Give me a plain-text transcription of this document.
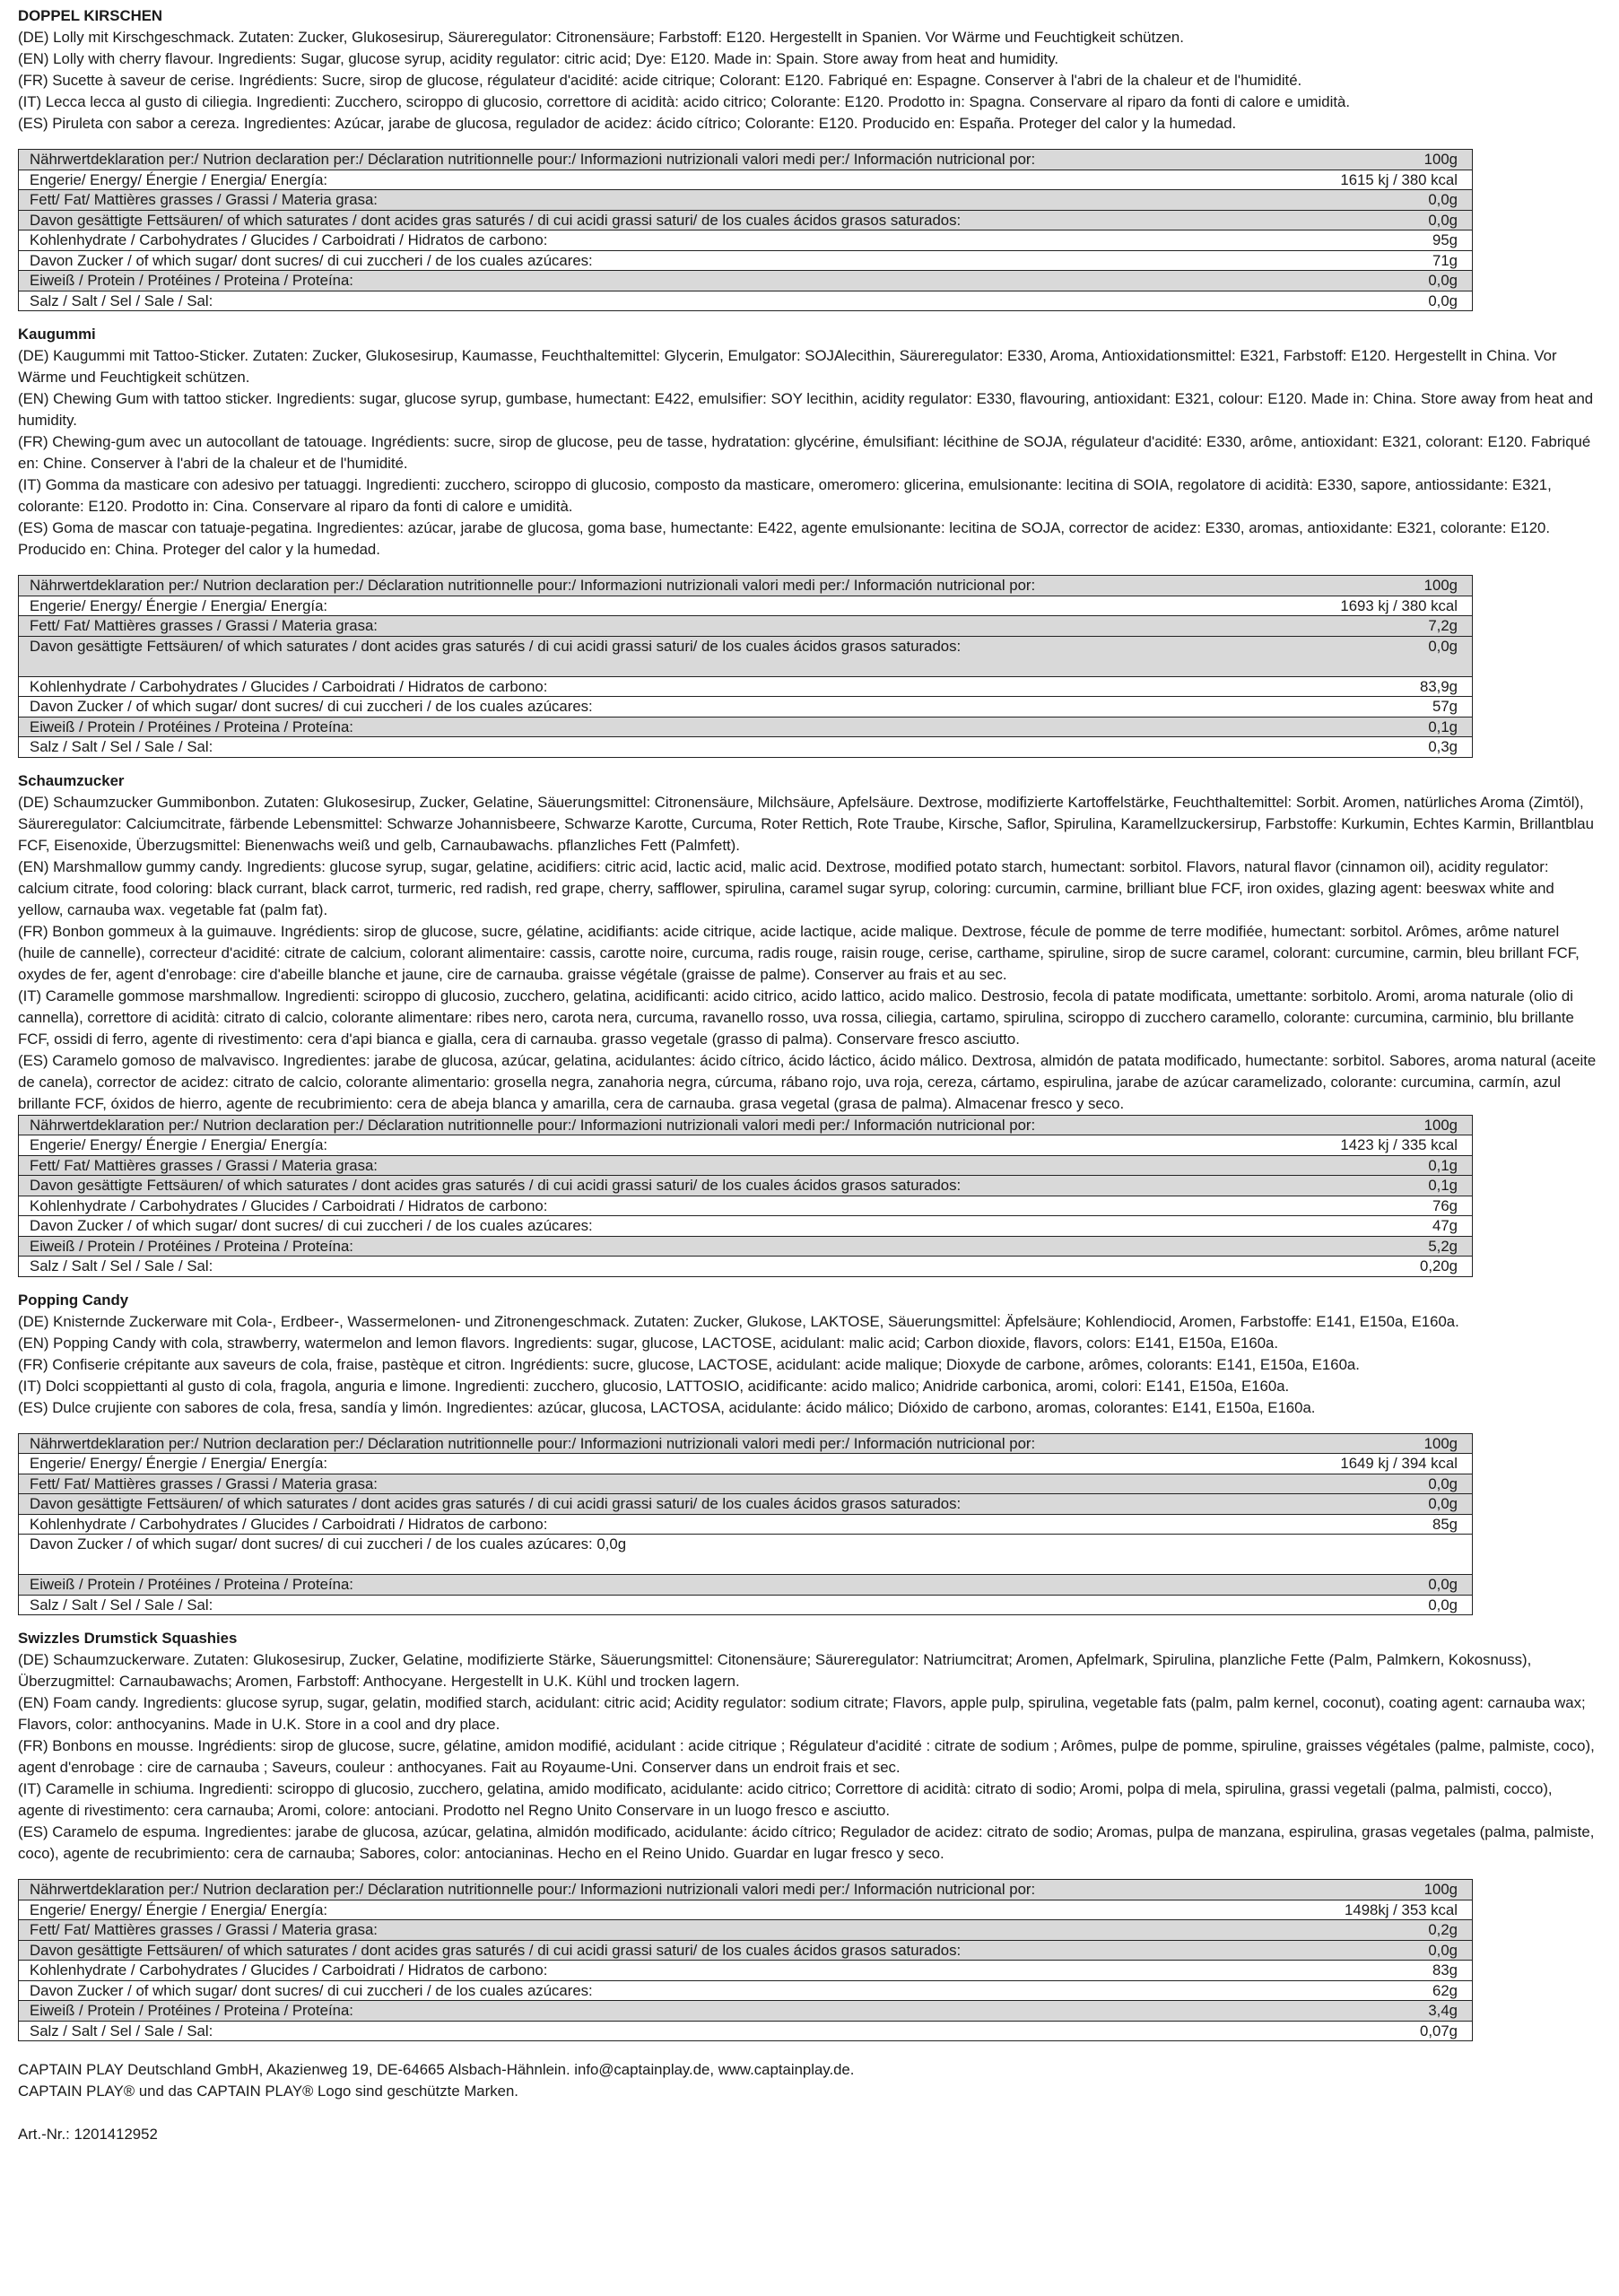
DOPPEL KIRSCHEN
(DE) Lolly mit Kirschgeschmack. Zutaten: Zucker, Glukosesirup, Säureregulator: Citronensäure; Farbstoff: E120. Hergestellt in Spanien. Vor Wärme und Feuchtigkeit schützen.
(EN) Lolly with cherry flavour. Ingredients: Sugar, glucose syrup, acidity regulator: citric acid; Dye: E120. Made in: Spain. Store away from heat and humidity.
(FR) Sucette à saveur de cerise. Ingrédients: Sucre, sirop de glucose, régulateur d'acidité: acide citrique; Colorant: E120. Fabriqué en: Espagne. Conserver à l'abri de la chaleur et de l'humidité.
(IT) Lecca lecca al gusto di ciliegia. Ingredienti: Zucchero, sciroppo di glucosio, correttore di acidità: acido citrico; Colorante: E120. Prodotto in: Spagna. Conservare al riparo da fonti di calore e umidità.
(ES) Piruleta con sabor a cereza. Ingredientes: Azúcar, jarabe de glucosa, regulador de acidez: ácido cítrico; Colorante: E120. Producido en: España. Proteger del calor y la humedad.
Nährwertdeklaration per:/ Nutrion declaration per:/ Déclaration nutritionnelle pour:/ Informazioni nutrizionali valori medi per:/ Información nutricional por:	100g
Engerie/ Energy/ Énergie / Energia/ Energía:	1615 kj / 380 kcal
Fett/ Fat/ Mattières grasses / Grassi / Materia grasa:	0,0g
Davon gesättigte Fettsäuren/ of which saturates / dont acides gras saturés / di cui acidi grassi saturi/ de los cuales ácidos grasos saturados:	0,0g
Kohlenhydrate / Carbohydrates / Glucides / Carboidrati / Hidratos de carbono:	95g
Davon Zucker / of which sugar/ dont sucres/ di cui zuccheri / de los cuales azúcares:	71g
Eiweiß / Protein / Protéines / Proteina / Proteína:	0,0g
Salz / Salt / Sel / Sale / Sal:	0,0g
Kaugummi
(DE) Kaugummi mit Tattoo-Sticker. Zutaten: Zucker, Glukosesirup, Kaumasse, Feuchthaltemittel: Glycerin, Emulgator: SOJAlecithin, Säureregulator: E330, Aroma, Antioxidationsmittel: E321, Farbstoff: E120. Hergestellt in China. Vor Wärme und Feuchtigkeit schützen.
(EN) Chewing Gum with tattoo sticker. Ingredients: sugar, glucose syrup, gumbase, humectant: E422, emulsifier: SOY lecithin, acidity regulator: E330, flavouring, antioxidant: E321, colour: E120. Made in: China. Store away from heat and humidity.
(FR) Chewing-gum avec un autocollant de tatouage. Ingrédients: sucre, sirop de glucose, peu de tasse, hydratation: glycérine, émulsifiant: lécithine de SOJA, régulateur d'acidité: E330, arôme, antioxidant: E321, colorant: E120. Fabriqué en: Chine. Conserver à l'abri de la chaleur et de l'humidité.
(IT) Gomma da masticare con adesivo per tatuaggi. Ingredienti: zucchero, sciroppo di glucosio, composto da masticare, omeromero: glicerina, emulsionante: lecitina di SOIA, regolatore di acidità: E330, sapore, antiossidante: E321, colorante: E120. Prodotto in: Cina. Conservare al riparo da fonti di calore e umidità.
(ES) Goma de mascar con tatuaje-pegatina. Ingredientes: azúcar, jarabe de glucosa, goma base, humectante: E422, agente emulsionante: lecitina de SOJA, corrector de acidez: E330, aromas, antioxidante: E321, colorante: E120. Producido en: China. Proteger del calor y la humedad.
Nährwertdeklaration per:/ Nutrion declaration per:/ Déclaration nutritionnelle pour:/ Informazioni nutrizionali valori medi per:/ Información nutricional por:	100g
Engerie/ Energy/ Énergie / Energia/ Energía:	1693 kj / 380 kcal
Fett/ Fat/ Mattières grasses / Grassi / Materia grasa:	7,2g
Davon gesättigte Fettsäuren/ of which saturates / dont acides gras saturés / di cui acidi grassi saturi/ de los cuales ácidos grasos saturados:	0,0g
Kohlenhydrate / Carbohydrates / Glucides / Carboidrati / Hidratos de carbono:	83,9g
Davon Zucker / of which sugar/ dont sucres/ di cui zuccheri / de los cuales azúcares:	57g
Eiweiß / Protein / Protéines / Proteina / Proteína:	0,1g
Salz / Salt / Sel / Sale / Sal:	0,3g
Schaumzucker
(DE) Schaumzucker Gummibonbon. Zutaten: Glukosesirup, Zucker, Gelatine, Säuerungsmittel: Citronensäure, Milchsäure, Apfelsäure. Dextrose, modifizierte Kartoffelstärke, Feuchthaltemittel: Sorbit. Aromen, natürliches Aroma (Zimtöl), Säureregulator: Calciumcitrate, färbende Lebensmittel: Schwarze Johannisbeere, Schwarze Karotte, Curcuma, Roter Rettich, Rote Traube, Kirsche, Saflor, Spirulina, Karamellzuckersirup, Farbstoffe: Kurkumin, Echtes Karmin, Brillantblau FCF, Eisenoxide, Überzugsmittel: Bienenwachs weiß und gelb, Carnaubawachs. pflanzliches Fett (Palmfett).
(EN) Marshmallow gummy candy. Ingredients: glucose syrup, sugar, gelatine, acidifiers: citric acid, lactic acid, malic acid. Dextrose, modified potato starch, humectant: sorbitol. Flavors, natural flavor (cinnamon oil), acidity regulator: calcium citrate, food coloring: black currant, black carrot, turmeric, red radish, red grape, cherry, safflower, spirulina, caramel sugar syrup, coloring: curcumin, carmine, brilliant blue FCF, iron oxides, glazing agent: beeswax white and yellow, carnauba wax. vegetable fat (palm fat).
(FR) Bonbon gommeux à la guimauve. Ingrédients: sirop de glucose, sucre, gélatine, acidifiants: acide citrique, acide lactique, acide malique. Dextrose, fécule de pomme de terre modifiée, humectant: sorbitol. Arômes, arôme naturel (huile de cannelle), correcteur d'acidité: citrate de calcium, colorant alimentaire: cassis, carotte noire, curcuma, radis rouge, raisin rouge, cerise, carthame, spiruline, sirop de sucre caramel, colorant: curcumine, carmin, bleu brillant FCF, oxydes de fer, agent d'enrobage: cire d'abeille blanche et jaune, cire de carnauba. graisse végétale (graisse de palme). Conserver au frais et au sec.
(IT) Caramelle gommose marshmallow. Ingredienti: sciroppo di glucosio, zucchero, gelatina, acidificanti: acido citrico, acido lattico, acido malico. Destrosio, fecola di patate modificata, umettante: sorbitolo. Aromi, aroma naturale (olio di cannella), correttore di acidità: citrato di calcio, colorante alimentare: ribes nero, carota nera, curcuma, ravanello rosso, uva rossa, ciliegia, cartamo, spirulina, sciroppo di zucchero caramello, colorante: curcumina, carminio, blu brillante FCF, ossidi di ferro, agente di rivestimento: cera d'api bianca e gialla, cera di carnauba. grasso vegetale (grasso di palma). Conservare fresco asciutto.
(ES) Caramelo gomoso de malvavisco. Ingredientes: jarabe de glucosa, azúcar, gelatina, acidulantes: ácido cítrico, ácido láctico, ácido málico. Dextrosa, almidón de patata modificado, humectante: sorbitol. Sabores, aroma natural (aceite de canela), corrector de acidez: citrato de calcio, colorante alimentario: grosella negra, zanahoria negra, cúrcuma, rábano rojo, uva roja, cereza, cártamo, espirulina, jarabe de azúcar caramelizado, colorante: curcumina, carmín, azul brillante FCF, óxidos de hierro, agente de recubrimiento: cera de abeja blanca y amarilla, cera de carnauba. grasa vegetal (grasa de palma). Almacenar fresco y seco.
Nährwertdeklaration per:/ Nutrion declaration per:/ Déclaration nutritionnelle pour:/ Informazioni nutrizionali valori medi per:/ Información nutricional por:	100g
Engerie/ Energy/ Énergie / Energia/ Energía:	1423 kj / 335 kcal
Fett/ Fat/ Mattières grasses / Grassi / Materia grasa:	0,1g
Davon gesättigte Fettsäuren/ of which saturates / dont acides gras saturés / di cui acidi grassi saturi/ de los cuales ácidos grasos saturados:	0,1g
Kohlenhydrate / Carbohydrates / Glucides / Carboidrati / Hidratos de carbono:	76g
Davon Zucker / of which sugar/ dont sucres/ di cui zuccheri / de los cuales azúcares:	47g
Eiweiß / Protein / Protéines / Proteina / Proteína:	5,2g
Salz / Salt / Sel / Sale / Sal:	0,20g
Popping Candy
(DE) Knisternde Zuckerware mit Cola-, Erdbeer-, Wassermelonen- und Zitronengeschmack. Zutaten: Zucker, Glukose, LAKTOSE, Säuerungsmittel: Äpfelsäure; Kohlendiocid, Aromen, Farbstoffe: E141, E150a, E160a.
(EN) Popping Candy with cola, strawberry, watermelon and lemon flavors. Ingredients: sugar, glucose, LACTOSE, acidulant: malic acid; Carbon dioxide, flavors, colors: E141, E150a, E160a.
(FR) Confiserie crépitante aux saveurs de cola, fraise, pastèque et citron. Ingrédients: sucre, glucose, LACTOSE, acidulant: acide malique; Dioxyde de carbone, arômes, colorants: E141, E150a, E160a.
(IT) Dolci scoppiettanti al gusto di cola, fragola, anguria e limone. Ingredienti: zucchero, glucosio, LATTOSIO, acidificante: acido malico; Anidride carbonica, aromi, colori: E141, E150a, E160a.
(ES) Dulce crujiente con sabores de cola, fresa, sandía y limón. Ingredientes: azúcar, glucosa, LACTOSA, acidulante: ácido málico; Dióxido de carbono, aromas, colorantes: E141, E150a, E160a.
Nährwertdeklaration per:/ Nutrion declaration per:/ Déclaration nutritionnelle pour:/ Informazioni nutrizionali valori medi per:/ Información nutricional por:	100g
Engerie/ Energy/ Énergie / Energia/ Energía:	1649 kj / 394 kcal
Fett/ Fat/ Mattières grasses / Grassi / Materia grasa:	0,0g
Davon gesättigte Fettsäuren/ of which saturates / dont acides gras saturés / di cui acidi grassi saturi/ de los cuales ácidos grasos saturados:	0,0g
Kohlenhydrate / Carbohydrates / Glucides / Carboidrati / Hidratos de carbono:	85g
Davon Zucker / of which sugar/ dont sucres/ di cui zuccheri / de los cuales azúcares: 0,0g	
Eiweiß / Protein / Protéines / Proteina / Proteína:	0,0g
Salz / Salt / Sel / Sale / Sal:	0,0g
Swizzles Drumstick Squashies
(DE) Schaumzuckerware. Zutaten: Glukosesirup, Zucker, Gelatine, modifizierte Stärke, Säuerungsmittel: Citonensäure; Säureregulator: Natriumcitrat; Aromen, Apfelmark, Spirulina, planzliche Fette (Palm, Palmkern, Kokosnuss), Überzugmittel: Carnaubawachs; Aromen, Farbstoff: Anthocyane. Hergestellt in U.K. Kühl und trocken lagern.
(EN) Foam candy. Ingredients: glucose syrup, sugar, gelatin, modified starch, acidulant: citric acid; Acidity regulator: sodium citrate; Flavors, apple pulp, spirulina, vegetable fats (palm, palm kernel, coconut), coating agent: carnauba wax; Flavors, color: anthocyanins. Made in U.K. Store in a cool and dry place.
(FR) Bonbons en mousse. Ingrédients: sirop de glucose, sucre, gélatine, amidon modifié, acidulant : acide citrique ; Régulateur d'acidité : citrate de sodium ; Arômes, pulpe de pomme, spiruline, graisses végétales (palme, palmiste, coco), agent d'enrobage : cire de carnauba ; Saveurs, couleur : anthocyanes. Fait au Royaume-Uni. Conserver dans un endroit frais et sec.
(IT) Caramelle in schiuma. Ingredienti: sciroppo di glucosio, zucchero, gelatina, amido modificato, acidulante: acido citrico; Correttore di acidità: citrato di sodio; Aromi, polpa di mela, spirulina, grassi vegetali (palma, palmisti, cocco), agente di rivestimento: cera carnauba; Aromi, colore: antociani. Prodotto nel Regno Unito Conservare in un luogo fresco e asciutto.
(ES) Caramelo de espuma. Ingredientes: jarabe de glucosa, azúcar, gelatina, almidón modificado, acidulante: ácido cítrico; Regulador de acidez: citrato de sodio; Aromas, pulpa de manzana, espirulina, grasas vegetales (palma, palmiste, coco), agente de recubrimiento: cera de carnauba; Sabores, color: antocianinas. Hecho en el Reino Unido. Guardar en lugar fresco y seco.
Nährwertdeklaration per:/ Nutrion declaration per:/ Déclaration nutritionnelle pour:/ Informazioni nutrizionali valori medi per:/ Información nutricional por:	100g
Engerie/ Energy/ Énergie / Energia/ Energía:	1498kj / 353 kcal
Fett/ Fat/ Mattières grasses / Grassi / Materia grasa:	0,2g
Davon gesättigte Fettsäuren/ of which saturates / dont acides gras saturés / di cui acidi grassi saturi/ de los cuales ácidos grasos saturados:	0,0g
Kohlenhydrate / Carbohydrates / Glucides / Carboidrati / Hidratos de carbono:	83g
Davon Zucker / of which sugar/ dont sucres/ di cui zuccheri / de los cuales azúcares:	62g
Eiweiß / Protein / Protéines / Proteina / Proteína:	3,4g
Salz / Salt / Sel / Sale / Sal:	0,07g
CAPTAIN PLAY Deutschland GmbH, Akazienweg 19, DE-64665 Alsbach-Hähnlein. info@captainplay.de, www.captainplay.de.
CAPTAIN PLAY® und das CAPTAIN PLAY® Logo sind geschützte Marken.
Art.-Nr.: 1201412952
